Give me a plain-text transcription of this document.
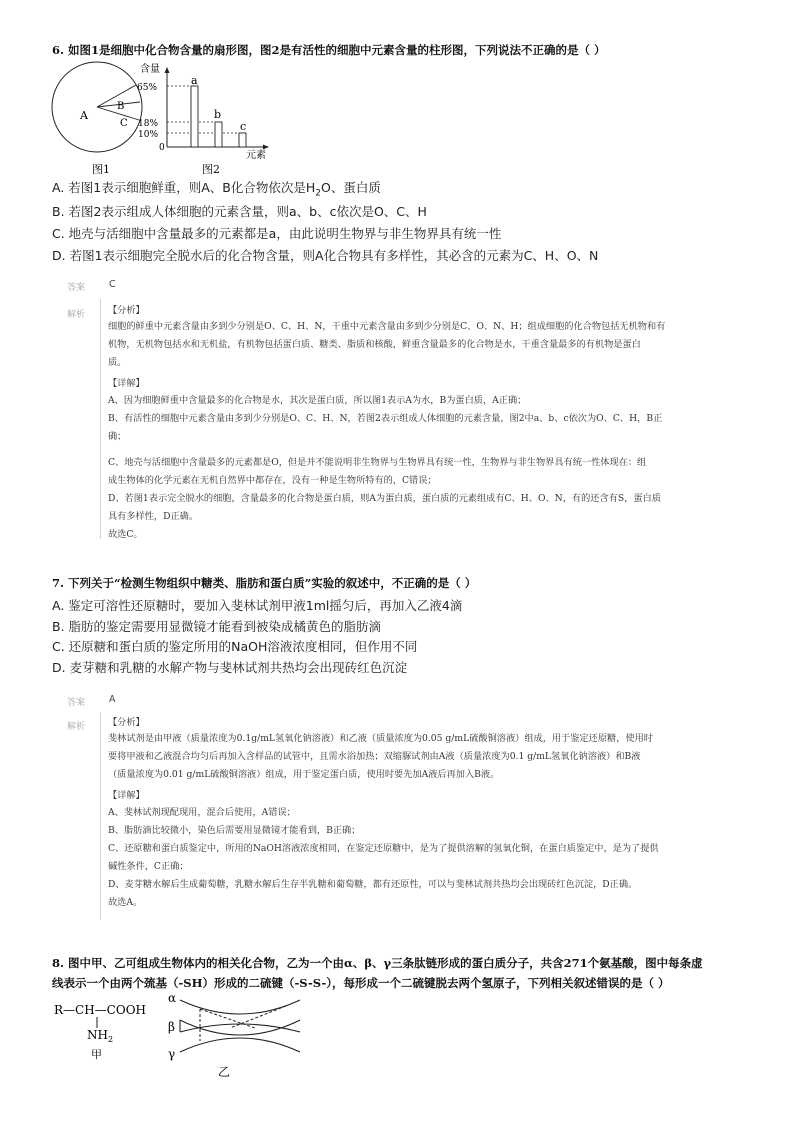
6. 如图1是细胞中化合物含量的扇形图，图2是有活性的细胞中元素含量的柱形图，下列说法不正确的是（ ）
A
B
C
图1
含量
65%
18%
10%
0
a
b
c
元素
图2
A. 若图1表示细胞鲜重，则A、B化合物依次是$H_2O$、蛋白质
B. 若图2表示组成人体细胞的元素含量，则a、b、c依次是O、C、H
C. 地壳与活细胞中含量最多的元素都是a，由此说明生物界与非生物界具有统一性
D. 若图1表示细胞完全脱水后的化合物含量，则A化合物具有多样性，其必含的元素为C、H、O、N
答案	C
解析 【分析】
细胞的鲜重中元素含量由多到少分别是O、C、H、N，干重中元素含量由多到少分别是C、O、N、H；组成细胞的化合物包括无机物和有
机物，无机物包括水和无机盐，有机物包括蛋白质、糖类、脂质和核酸，鲜重含量最多的化合物是水，干重含量最多的有机物是蛋白
质。
【详解】
A、因为细胞鲜重中含量最多的化合物是水，其次是蛋白质，所以图1表示A为水，B为蛋白质，A正确；
B、有活性的细胞中元素含量由多到少分别是O、C、H、N，若图2表示组成人体细胞的元素含量，图2中a、b、c依次为O、C、H，B正
确；
C、地壳与活细胞中含量最多的元素都是O，但是并不能说明非生物界与生物界具有统一性，生物界与非生物界具有统一性体现在：组
成生物体的化学元素在无机自然界中都存在，没有一种是生物所特有的，C错误；
D、若图1表示完全脱水的细胞，含量最多的化合物是蛋白质，则A为蛋白质，蛋白质的元素组成有C、H、O、N，有的还含有S，蛋白质
具有多样性，D正确。
故选C。
7. 下列关于“检测生物组织中糖类、脂肪和蛋白质”实验的叙述中，不正确的是（ ）
A. 鉴定可溶性还原糖时，要加入斐林试剂甲液1ml摇匀后，再加入乙液4滴
B. 脂肪的鉴定需要用显微镜才能看到被染成橘黄色的脂肪滴
C. 还原糖和蛋白质的鉴定所用的NaOH溶液浓度相同，但作用不同
D. 麦芽糖和乳糖的水解产物与斐林试剂共热均会出现砖红色沉淀
答案	A
解析 【分析】
斐林试剂是由甲液（质量浓度为0.1g/mL氢氧化钠溶液）和乙液（质量浓度为0.05 g/mL硫酸铜溶液）组成，用于鉴定还原糖，使用时
要将甲液和乙液混合均匀后再加入含样品的试管中，且需水浴加热；双缩脲试剂由A液（质量浓度为0.1 g/mL氢氧化钠溶液）和B液
（质量浓度为0.01 g/mL硫酸铜溶液）组成，用于鉴定蛋白质，使用时要先加A液后再加入B液。
【详解】
A、斐林试剂现配现用，混合后使用，A错误；
B、脂肪滴比较微小，染色后需要用显微镜才能看到，B正确；
C、还原糖和蛋白质鉴定中，所用的NaOH溶液浓度相同，在鉴定还原糖中，是为了提供溶解的氢氧化铜，在蛋白质鉴定中，是为了提供
碱性条件，C正确；
D、麦芽糖水解后生成葡萄糖，乳糖水解后生存半乳糖和葡萄糖，都有还原性，可以与斐林试剂共热均会出现砖红色沉淀，D正确。
故选A。
8. 图中甲、乙可组成生物体内的相关化合物，乙为一个由α、β、γ三条肽链形成的蛋白质分子，共含271个氨基酸，图中每条虚
线表示一个由两个巯基（-SH）形成的二硫键（-S-S-），每形成一个二硫键脱去两个氢原子，下列相关叙述错误的是（ ）
R—CH—COOH
$NH_2$
甲
α
β
γ
乙
